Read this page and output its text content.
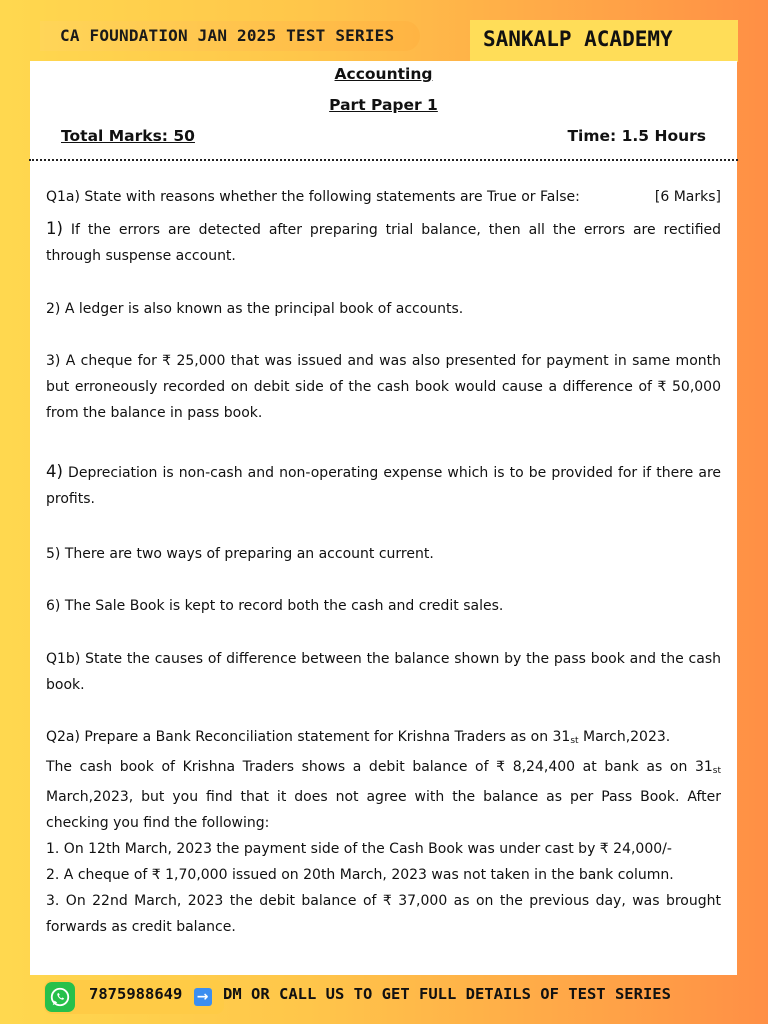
CA FOUNDATION JAN 2025 TEST SERIES	SANKALP ACADEMY
Accounting
Part Paper 1
Total Marks: 50	Time: 1.5 Hours
Q1a) State with reasons whether the following statements are True or False:	[6 Marks]
1) If the errors are detected after preparing trial balance, then all the errors are rectified through suspense account.
2) A ledger is also known as the principal book of accounts.
3) A cheque for ₹ 25,000 that was issued and was also presented for payment in same month but erroneously recorded on debit side of the cash book would cause a difference of ₹ 50,000 from the balance in pass book.
4) Depreciation is non-cash and non-operating expense which is to be provided for if there are profits.
5) There are two ways of preparing an account current.
6) The Sale Book is kept to record both the cash and credit sales.
Q1b) State the causes of difference between the balance shown by the pass book and the cash book.
Q2a) Prepare a Bank Reconciliation statement for Krishna Traders as on 31st March,2023.
The cash book of Krishna Traders shows a debit balance of ₹ 8,24,400 at bank as on 31st March,2023, but you find that it does not agree with the balance as per Pass Book. After checking you find the following:
1. On 12th March, 2023 the payment side of the Cash Book was under cast by ₹ 24,000/-
2. A cheque of ₹ 1,70,000 issued on 20th March, 2023 was not taken in the bank column.
3. On 22nd March, 2023 the debit balance of ₹ 37,000 as on the previous day, was brought forwards as credit balance.
7875988649 → DM OR CALL US TO GET FULL DETAILS OF TEST SERIES
